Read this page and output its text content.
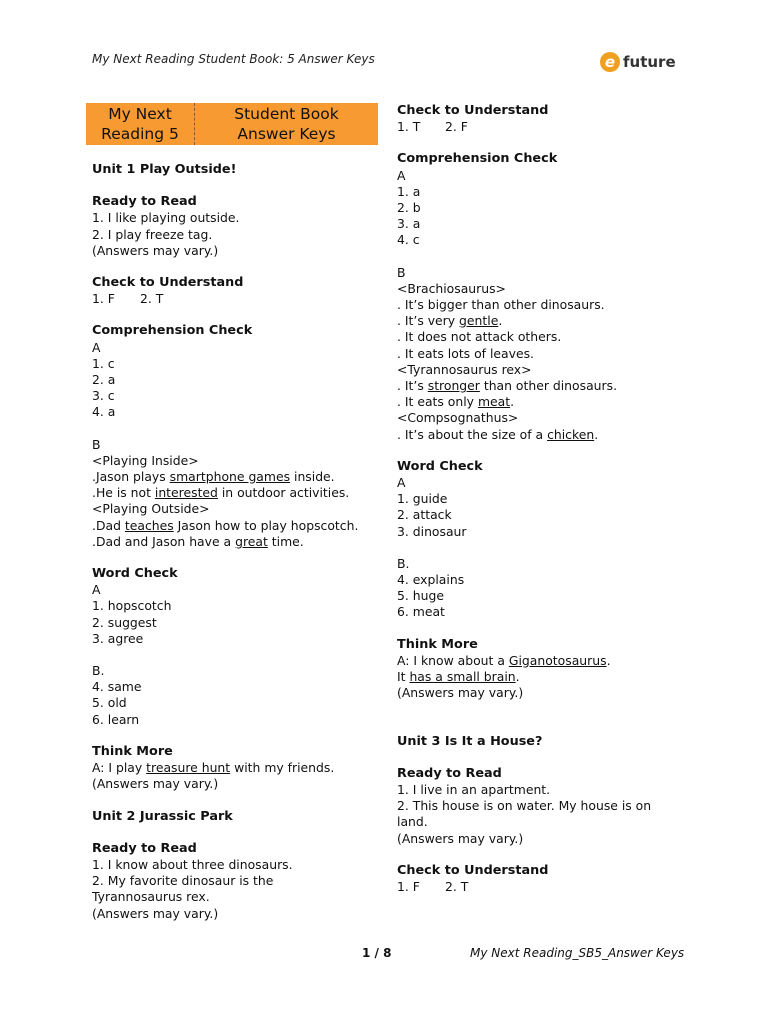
My Next Reading Student Book: 5 Answer Keys	e future
My Next
Reading 5
Student Book
Answer Keys
Unit 1 Play Outside!
Ready to Read
1. I like playing outside.
2. I play freeze tag.
(Answers may vary.)
Check to Understand
1. F	2. T
Comprehension Check
A
1. c
2. a
3. c
4. a
B
<Playing Inside>
.Jason plays smartphone games inside.
.He is not interested in outdoor activities.
<Playing Outside>
.Dad teaches Jason how to play hopscotch.
.Dad and Jason have a great time.
Word Check
A
1. hopscotch
2. suggest
3. agree
B.
4. same
5. old
6. learn
Think More
A: I play treasure hunt with my friends.
(Answers may vary.)
Unit 2 Jurassic Park
Ready to Read
1. I know about three dinosaurs.
2. My favorite dinosaur is the Tyrannosaurus rex.
(Answers may vary.)
Check to Understand
1. T	2. F
Comprehension Check
A
1. a
2. b
3. a
4. c
B
<Brachiosaurus>
. It’s bigger than other dinosaurs.
. It’s very gentle.
. It does not attack others.
. It eats lots of leaves.
<Tyrannosaurus rex>
. It’s stronger than other dinosaurs.
. It eats only meat.
<Compsognathus>
. It’s about the size of a chicken.
Word Check
A
1. guide
2. attack
3. dinosaur
B.
4. explains
5. huge
6. meat
Think More
A: I know about a Giganotosaurus.
It has a small brain.
(Answers may vary.)
Unit 3 Is It a House?
Ready to Read
1. I live in an apartment.
2. This house is on water. My house is on land.
(Answers may vary.)
Check to Understand
1. F	2. T
1 / 8	My Next Reading_SB5_Answer Keys
